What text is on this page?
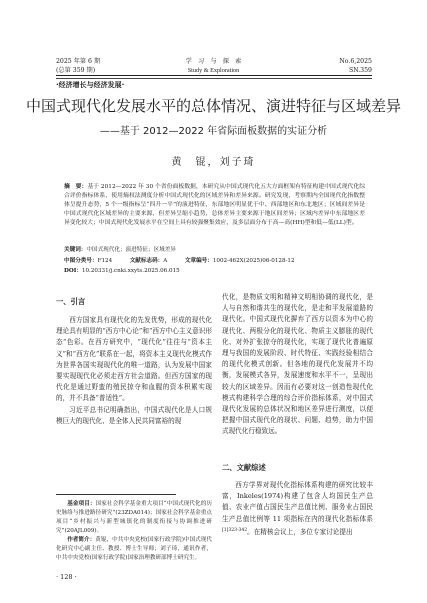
2025 年第 6 期
(总第 359 期)
学　习　与　探　索
Study & Exploration
No.6,2025
SN.359
·经济增长与经济发展·
中国式现代化发展水平的总体情况、演进特征与区域差异
——基于 2012—2022 年省际面板数据的实证分析
黄　锟，刘子琦
摘　要：基于 2012—2022 年 30 个省份面板数据，本研究从中国式现代化五大方面框架有特征构建中国式现代化综合评价指标体系，使用熵权法测度分析中国式现代化的区域差异和差异来源。研究发现，考察期内全国现代化指数整体呈提升态势，5 个一级指标呈“四升一平”的演进特征，东部地区明显优于中、西部地区和东北地区；区域间差异是中国式现代化区域差异的主要来源，但差异呈缩小趋势，总体差异主要来源于地区间差异；区域内差异中东部地区差异变化较大；中国式现代化发展水平在空间上具有较强聚集效应，及多层面分布于高—高(HH)型和低—低(LL)型。
关键词：中国式现代化；演进特征；区域差异
中图分类号：F124	文献标志码：A	文章编号：1002-462X(2025)06-0128-12
DOI：10.20331/j.cnki.xxyts.2025.06.015
一、引言

西方国家具有现代化的先发优势，形成的现代化理论具有明显的“西方中心论”和“西方中心主义意识形态”色彩。在西方研究中，“现代化”往往与“资本主义”和“西方化”联系在一起，将资本主义现代化模式作为世界各国实现现代化的唯一道路，认为发展中国家要实现现代化必须走西方社会道路。但西方国家的现代化是通过野蛮的殖民掠夺和血腥的资本积累实现的，并不具备“普适性”。

习近平总书记明确指出，中国式现代化是人口规模巨大的现代化、是全体人民共同富裕的现

基金项目：国家社会科学基金重大项目“中国式现代化的历史脉络与推进路径研究”(23ZDA014)；国家社会科学基金重点项目“乡村振兴与新型城镇化的制度衔接与协调推进研究”(20AJL009)。

作者简介：黄锟，中共中央党校(国家行政学院)中国式现代化研究中心副主任、教授、博士生导师；刘子琦，通讯作者，中共中央党校(国家行政学院)国家治理教研部博士研究生。

· 128 ·

代化，是物质文明和精神文明相协调的现代化，是人与自然和谐共生的现代化，是走和平发展道路的现代化。中国式现代化摒弃了西方以资本为中心的现代化、两极分化的现代化、物质主义膨胀的现代化、对外扩张掠夺的现代化，实现了现代化普遍原理与我国的发展阶段、时代特征、实践经验相结合的现代化模式创新。但各地的现代化发展并不均衡，发展模式各异，发展速度和水平不一，呈现出较大的区域差异。因而有必要对这一创造性现代化模式构建科学合理的综合评价指标体系，对中国式现代化发展的总体状况和地区差异进行测度，以便把握中国式现代化的现状、问题、趋势，助力中国式现代化行稳致远。

二、文献综述

西方学界对现代化指标体系构建的研究比较丰富，Inkeles(1974)构建了包含人均国民生产总值、农业产值占国民生产总值比例、服务业占国民生产总值比例等 11 项指标在内的现代化指标体系$^{[1]323-342}$。在精核会议上，多位专家讨论提出
